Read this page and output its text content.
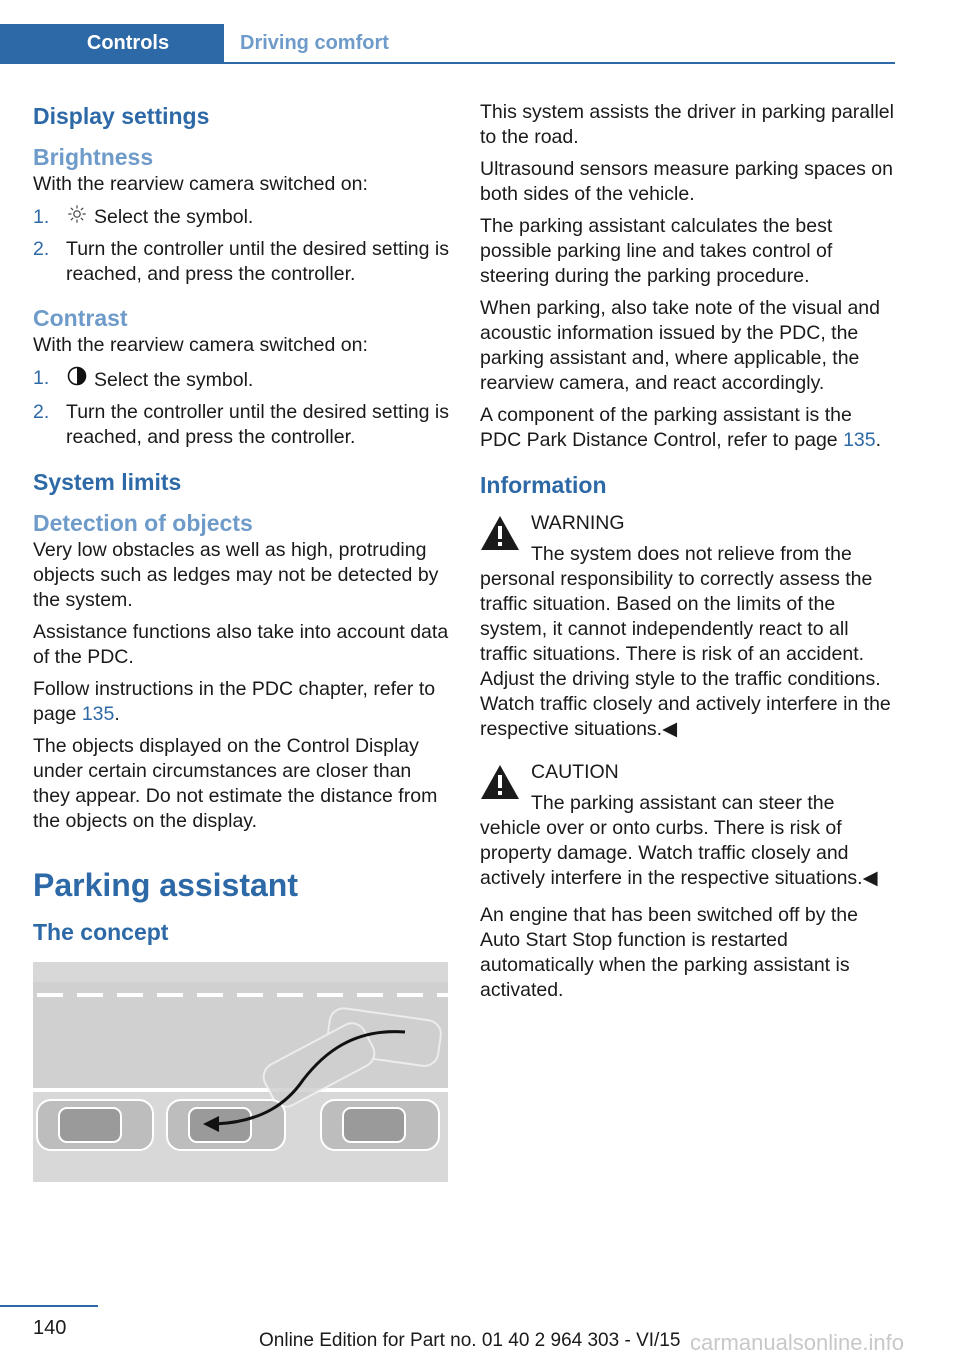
Controls	Driving comfort
Display settings
Brightness

With the rearview camera switched on:

1. Select the symbol.
2. Turn the controller until the desired setting is reached, and press the controller.
Contrast

With the rearview camera switched on:

1. Select the symbol.
2. Turn the controller until the desired setting is reached, and press the controller.
System limits
Detection of objects

Very low obstacles as well as high, protruding objects such as ledges may not be detected by the system.

Assistance functions also take into account data of the PDC.

Follow instructions in the PDC chapter, refer to page 135.

The objects displayed on the Control Display under certain circumstances are closer than they appear. Do not estimate the distance from the objects on the display.

Parking assistant
The concept

This system assists the driver in parking parallel to the road.

Ultrasound sensors measure parking spaces on both sides of the vehicle.

The parking assistant calculates the best possible parking line and takes control of steering during the parking procedure.

When parking, also take note of the visual and acoustic information issued by the PDC, the parking assistant and, where applicable, the rearview camera, and react accordingly.

A component of the parking assistant is the PDC Park Distance Control, refer to page 135.

Information
WARNING
The system does not relieve from the personal responsibility to correctly assess the traffic situation. Based on the limits of the system, it cannot independently react to all traffic situations. There is risk of an accident. Adjust the driving style to the traffic conditions. Watch traffic closely and actively interfere in the respective situations.◀
CAUTION
The parking assistant can steer the vehicle over or onto curbs. There is risk of property damage. Watch traffic closely and actively interfere in the respective situations.◀

An engine that has been switched off by the Auto Start Stop function is restarted automatically when the parking assistant is activated.

140
Online Edition for Part no. 01 40 2 964 303 - VI/15 carmanualsonline.info
